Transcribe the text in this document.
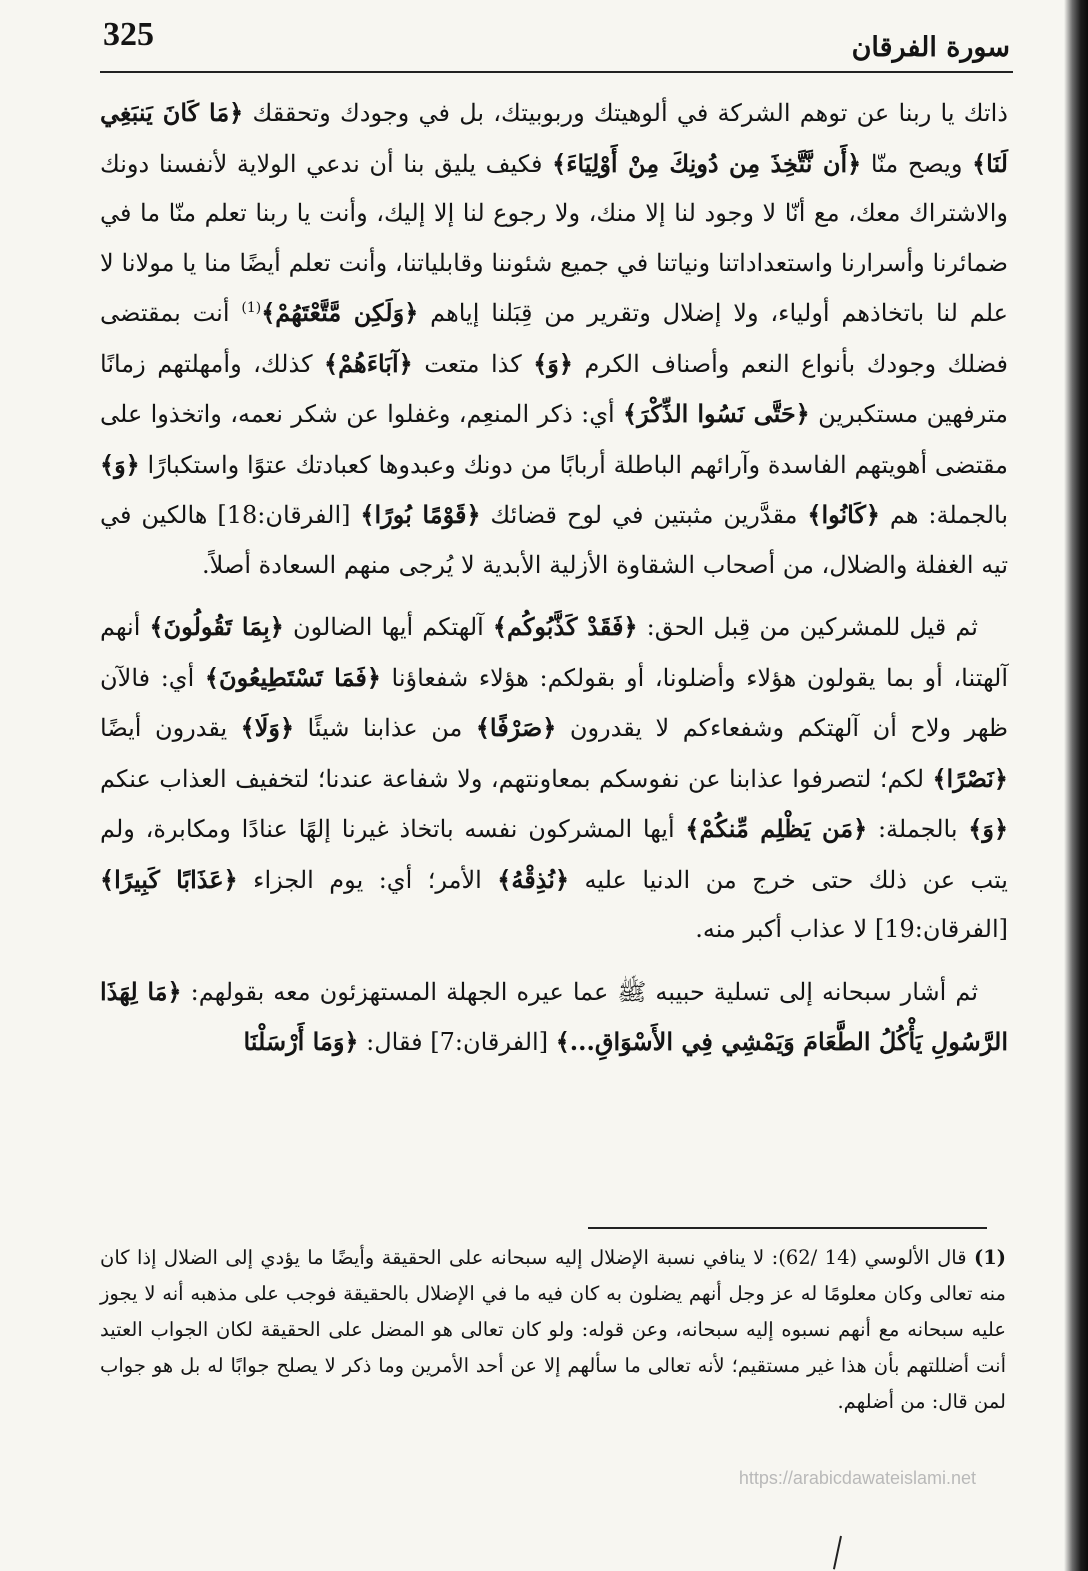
325	سورة الفرقان

ذاتك يا ربنا عن توهم الشركة في ألوهيتك وربوبيتك، بل في وجودك وتحققك ﴿مَا كَانَ يَنبَغِي لَنَا﴾ ويصح منّا ﴿أَن نَّتَّخِذَ مِن دُونِكَ مِنْ أَوْلِيَاءَ﴾ فكيف يليق بنا أن ندعي الولاية لأنفسنا دونك والاشتراك معك، مع أنّا لا وجود لنا إلا منك، ولا رجوع لنا إلا إليك، وأنت يا ربنا تعلم منّا ما في ضمائرنا وأسرارنا واستعداداتنا ونياتنا في جميع شئوننا وقابلياتنا، وأنت تعلم أيضًا منا يا مولانا لا علم لنا باتخاذهم أولياء، ولا إضلال وتقرير من قِبَلنا إياهم ﴿وَلَكِن مَّتَّعْتَهُمْ﴾$^{(1)}$ أنت بمقتضى فضلك وجودك بأنواع النعم وأصناف الكرم ﴿وَ﴾ كذا متعت ﴿آبَاءَهُمْ﴾ كذلك، وأمهلتهم زمانًا مترفهين مستكبرين ﴿حَتَّى نَسُوا الذِّكْرَ﴾ أي: ذكر المنعِم، وغفلوا عن شكر نعمه، واتخذوا على مقتضى أهويتهم الفاسدة وآرائهم الباطلة أربابًا من دونك وعبدوها كعبادتك عتوًا واستكبارًا ﴿وَ﴾ بالجملة: هم ﴿كَانُوا﴾ مقدَّرين مثبتين في لوح قضائك ﴿قَوْمًا بُورًا﴾ [الفرقان:18] هالكين في تيه الغفلة والضلال، من أصحاب الشقاوة الأزلية الأبدية لا يُرجى منهم السعادة أصلاً.

ثم قيل للمشركين من قِبل الحق: ﴿فَقَدْ كَذَّبُوكُم﴾ آلهتكم أيها الضالون ﴿بِمَا تَقُولُونَ﴾ أنهم آلهتنا، أو بما يقولون هؤلاء وأضلونا، أو بقولكم: هؤلاء شفعاؤنا ﴿فَمَا تَسْتَطِيعُونَ﴾ أي: فالآن ظهر ولاح أن آلهتكم وشفعاءكم لا يقدرون ﴿صَرْفًا﴾ من عذابنا شيئًا ﴿وَلَا﴾ يقدرون أيضًا ﴿نَصْرًا﴾ لكم؛ لتصرفوا عذابنا عن نفوسكم بمعاونتهم، ولا شفاعة عندنا؛ لتخفيف العذاب عنكم ﴿وَ﴾ بالجملة: ﴿مَن يَظْلِم مِّنكُمْ﴾ أيها المشركون نفسه باتخاذ غيرنا إلهًا عنادًا ومكابرة، ولم يتب عن ذلك حتى خرج من الدنيا عليه ﴿نُذِقْهُ﴾ الأمر؛ أي: يوم الجزاء ﴿عَذَابًا كَبِيرًا﴾ [الفرقان:19] لا عذاب أكبر منه.

ثم أشار سبحانه إلى تسلية حبيبه ﷺ عما عيره الجهلة المستهزئون معه بقولهم: ﴿مَا لِهَذَا الرَّسُولِ يَأْكُلُ الطَّعَامَ وَيَمْشِي فِي الأَسْوَاقِ...﴾ [الفرقان:7] فقال: ﴿وَمَا أَرْسَلْنَا

(1) قال الألوسي (14 /62): لا ينافي نسبة الإضلال إليه سبحانه على الحقيقة وأيضًا ما يؤدي إلى الضلال إذا كان منه تعالى وكان معلومًا له عز وجل أنهم يضلون به كان فيه ما في الإضلال بالحقيقة فوجب على مذهبه أنه لا يجوز عليه سبحانه مع أنهم نسبوه إليه سبحانه، وعن قوله: ولو كان تعالى هو المضل على الحقيقة لكان الجواب العتيد أنت أضللتهم بأن هذا غير مستقيم؛ لأنه تعالى ما سألهم إلا عن أحد الأمرين وما ذكر لا يصلح جوابًا له بل هو جواب لمن قال: من أضلهم.

https://arabicdawateislami.net
